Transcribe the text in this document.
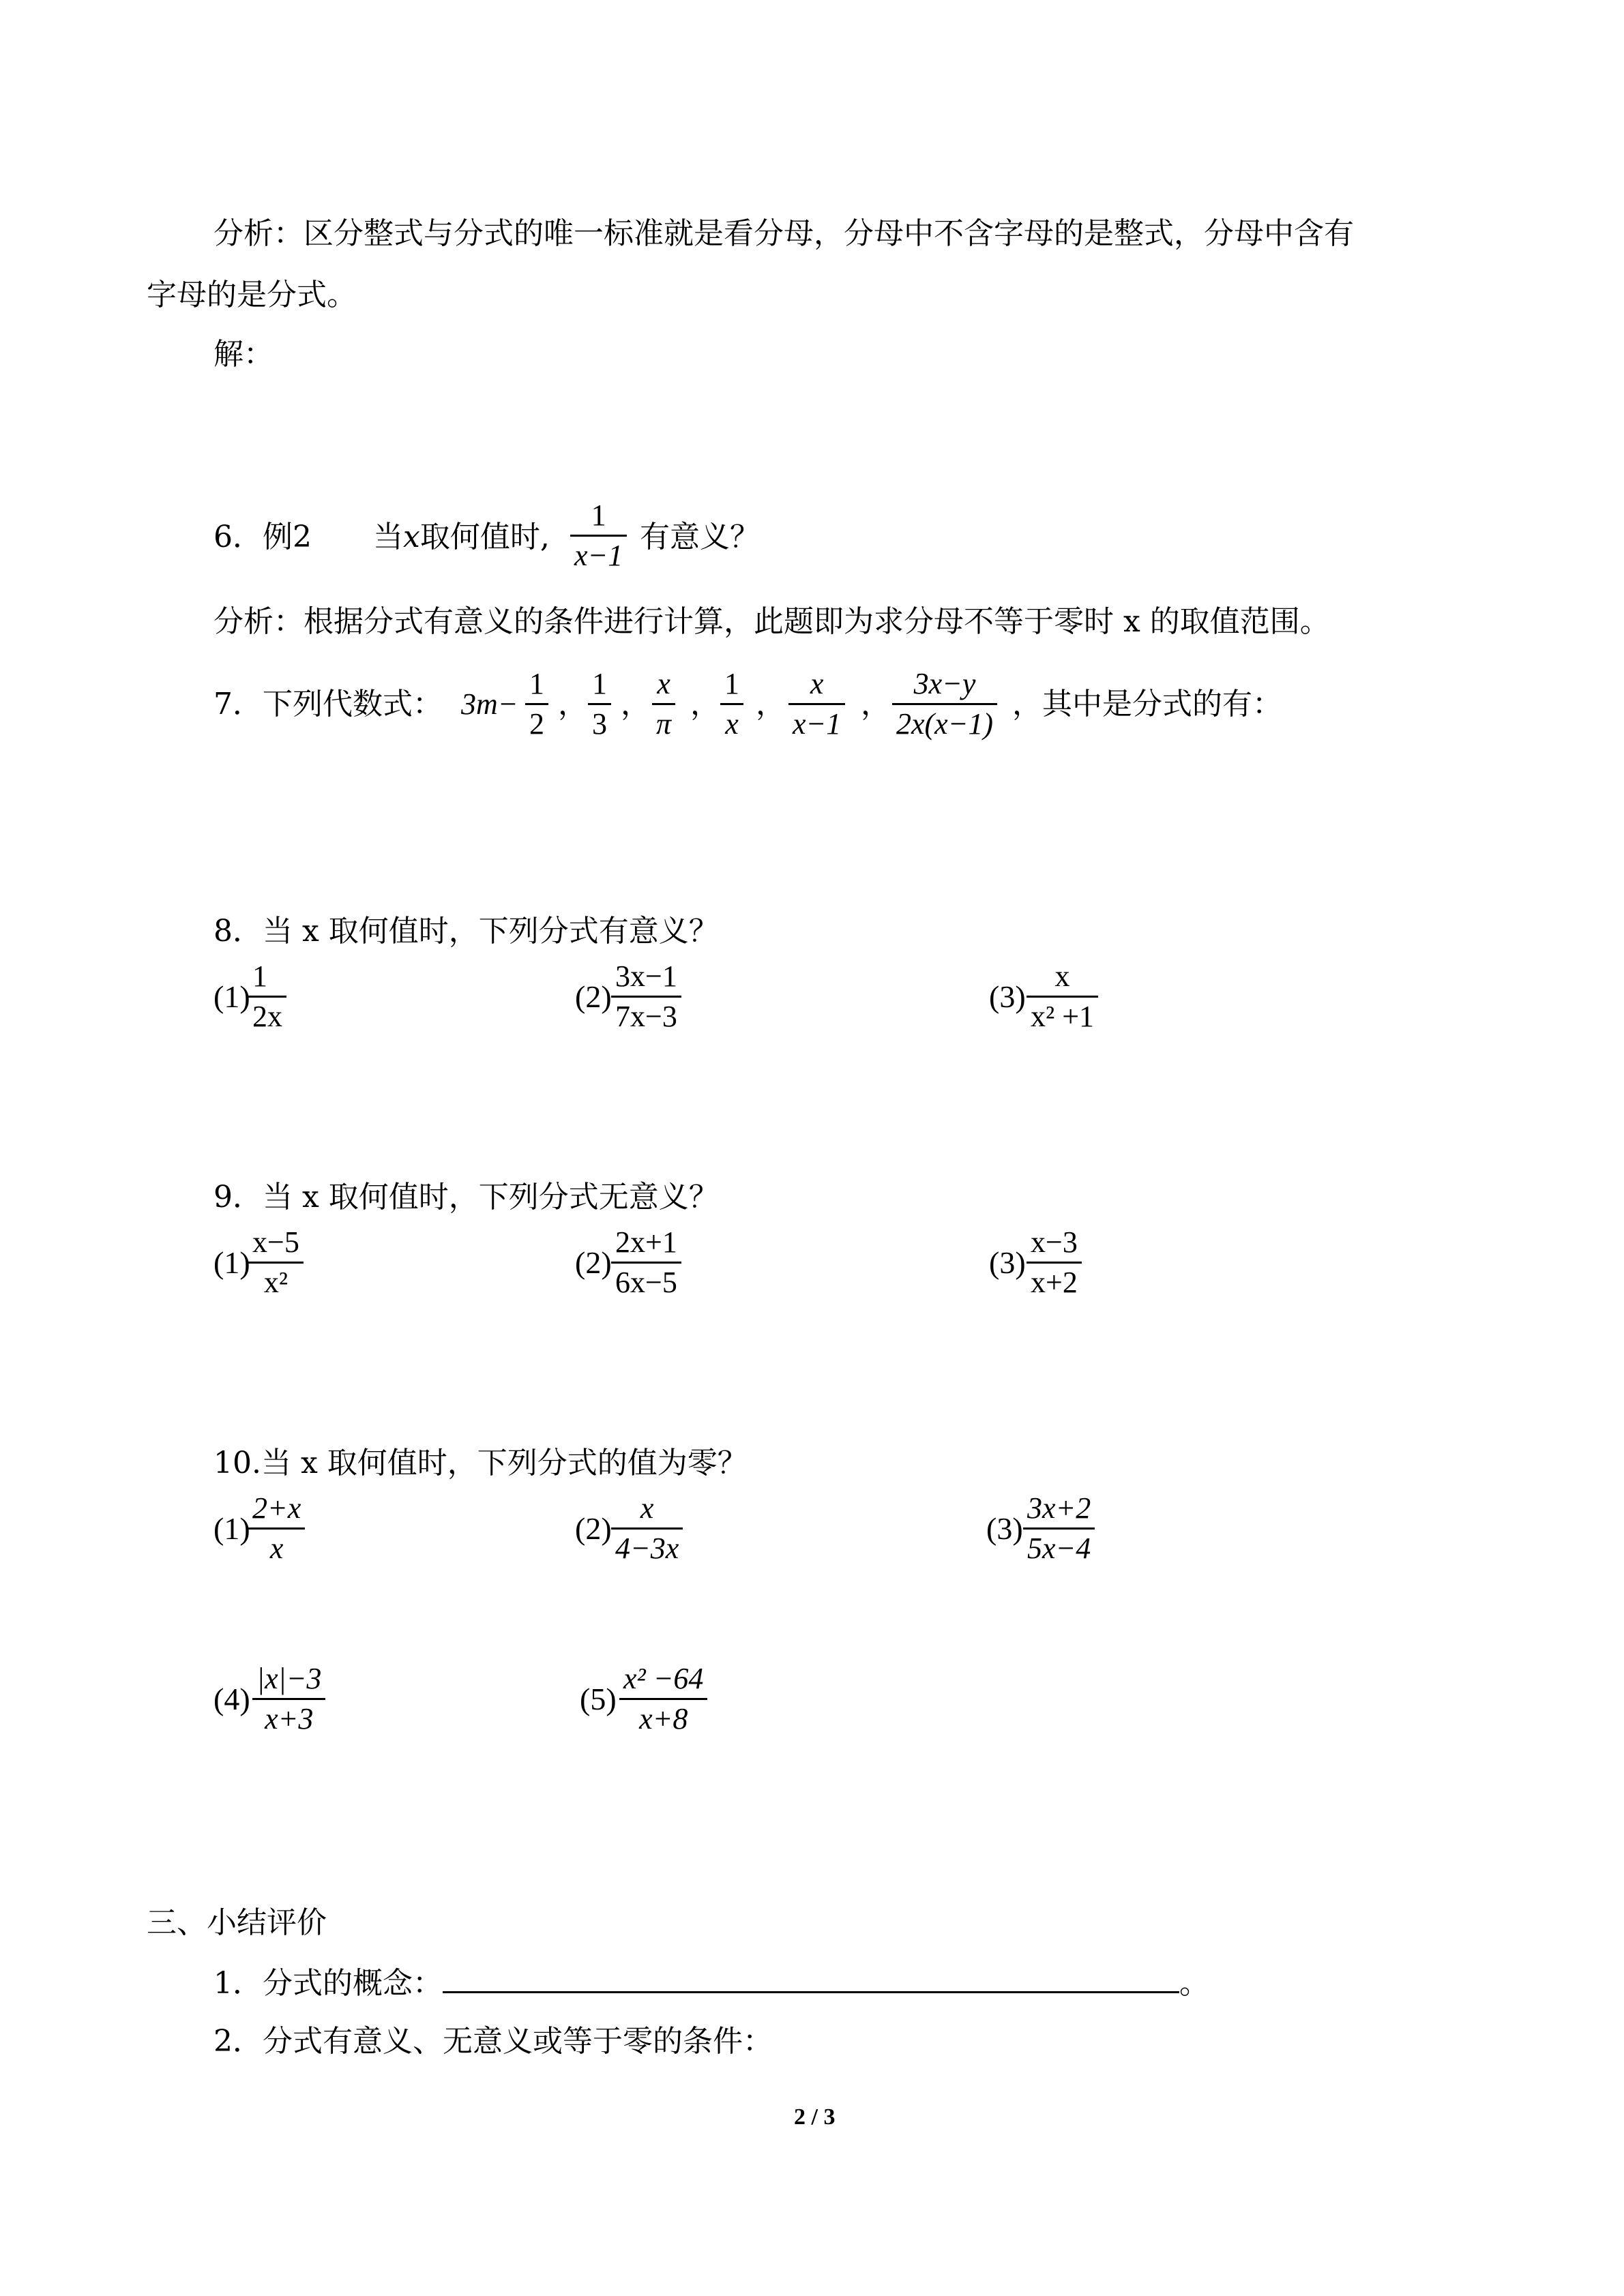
分析：区分整式与分式的唯一标准就是看分母，分母中不含字母的是整式，分母中含有
字母的是分式。
解：
6．例2 当x取何值时,
1
x−1
有意义？
分析：根据分式有意义的条件进行计算，此题即为求分母不等于零时 x 的取值范围。
7．下列代数式： 3m−
1
2
，
1
3
，
x
π
，
1
x
，
x
x−1
，
3x−y
2x(x−1)
，其中是分式的有：
8．当 x 取何值时，下列分式有意义？
(1)
1
2x
(2)
3x−1
7x−3
(3)
x
x² +1
9．当 x 取何值时，下列分式无意义？
(1)
x−5
x²
(2)
2x+1
6x−5
(3)
x−3
x+2
10.当 x 取何值时，下列分式的值为零？
(1)
2+x
x
(2)
x
4−3x
(3)
3x+2
5x−4
(4)
|x|−3
x+3
(5)
x² −64
x+8
三、小结评价
1．分式的概念：	。
2．分式有意义、无意义或等于零的条件：
2 / 3
